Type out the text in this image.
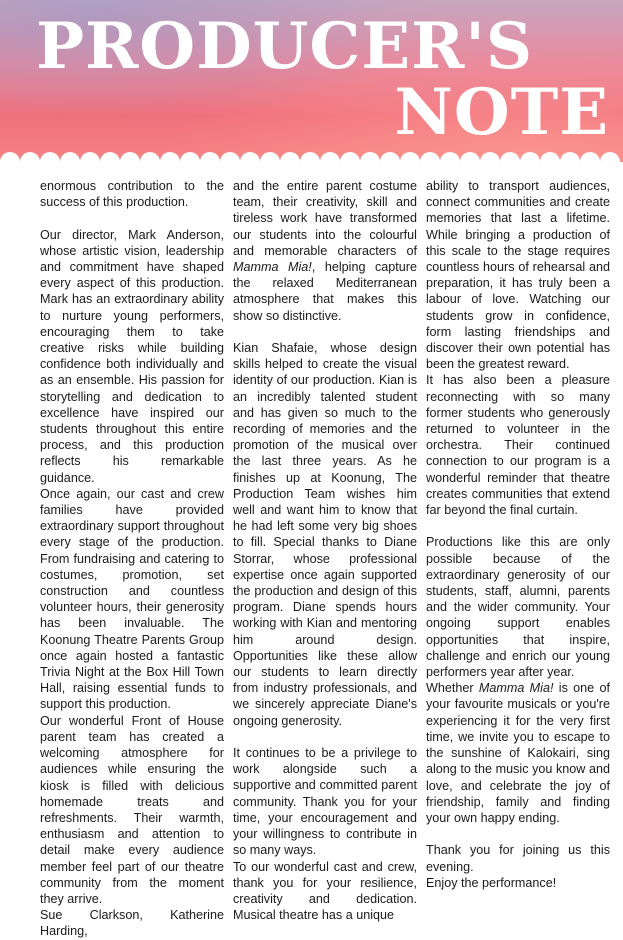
PRODUCER'S
NOTE

enormous contribution to the success of this production.

Our director, Mark Anderson, whose artistic vision, leadership and commitment have shaped every aspect of this production. Mark has an extraordinary ability to nurture young performers, encouraging them to take creative risks while building confidence both individually and as an ensemble. His passion for storytelling and dedication to excellence have inspired our students throughout this entire process, and this production reflects his remarkable guidance.

Once again, our cast and crew families have provided extraordinary support throughout every stage of the production. From fundraising and catering to costumes, promotion, set construction and countless volunteer hours, their generosity has been invaluable. The Koonung Theatre Parents Group once again hosted a fantastic Trivia Night at the Box Hill Town Hall, raising essential funds to support this production.

Our wonderful Front of House parent team has created a welcoming atmosphere for audiences while ensuring the kiosk is filled with delicious homemade treats and refreshments. Their warmth, enthusiasm and attention to detail make every audience member feel part of our theatre community from the moment they arrive.

Sue Clarkson, Katherine Harding,

and the entire parent costume team, their creativity, skill and tireless work have transformed our students into the colourful and memorable characters of Mamma Mia!, helping capture the relaxed Mediterranean atmosphere that makes this show so distinctive.

Kian Shafaie, whose design skills helped to create the visual identity of our production. Kian is an incredibly talented student and has given so much to the recording of memories and the promotion of the musical over the last three years. As he finishes up at Koonung, The Production Team wishes him well and want him to know that he had left some very big shoes to fill. Special thanks to Diane Storrar, whose professional expertise once again supported the production and design of this program. Diane spends hours working with Kian and mentoring him around design. Opportunities like these allow our students to learn directly from industry professionals, and we sincerely appreciate Diane's ongoing generosity.

It continues to be a privilege to work alongside such a supportive and committed parent community. Thank you for your time, your encouragement and your willingness to contribute in so many ways.

To our wonderful cast and crew, thank you for your resilience, creativity and dedication. Musical theatre has a unique

ability to transport audiences, connect communities and create memories that last a lifetime. While bringing a production of this scale to the stage requires countless hours of rehearsal and preparation, it has truly been a labour of love. Watching our students grow in confidence, form lasting friendships and discover their own potential has been the greatest reward.

It has also been a pleasure reconnecting with so many former students who generously returned to volunteer in the orchestra. Their continued connection to our program is a wonderful reminder that theatre creates communities that extend far beyond the final curtain.

Productions like this are only possible because of the extraordinary generosity of our students, staff, alumni, parents and the wider community. Your ongoing support enables opportunities that inspire, challenge and enrich our young performers year after year.

Whether Mamma Mia! is one of your favourite musicals or you're experiencing it for the very first time, we invite you to escape to the sunshine of Kalokairi, sing along to the music you know and love, and celebrate the joy of friendship, family and finding your own happy ending.

Thank you for joining us this evening.

Enjoy the performance!
